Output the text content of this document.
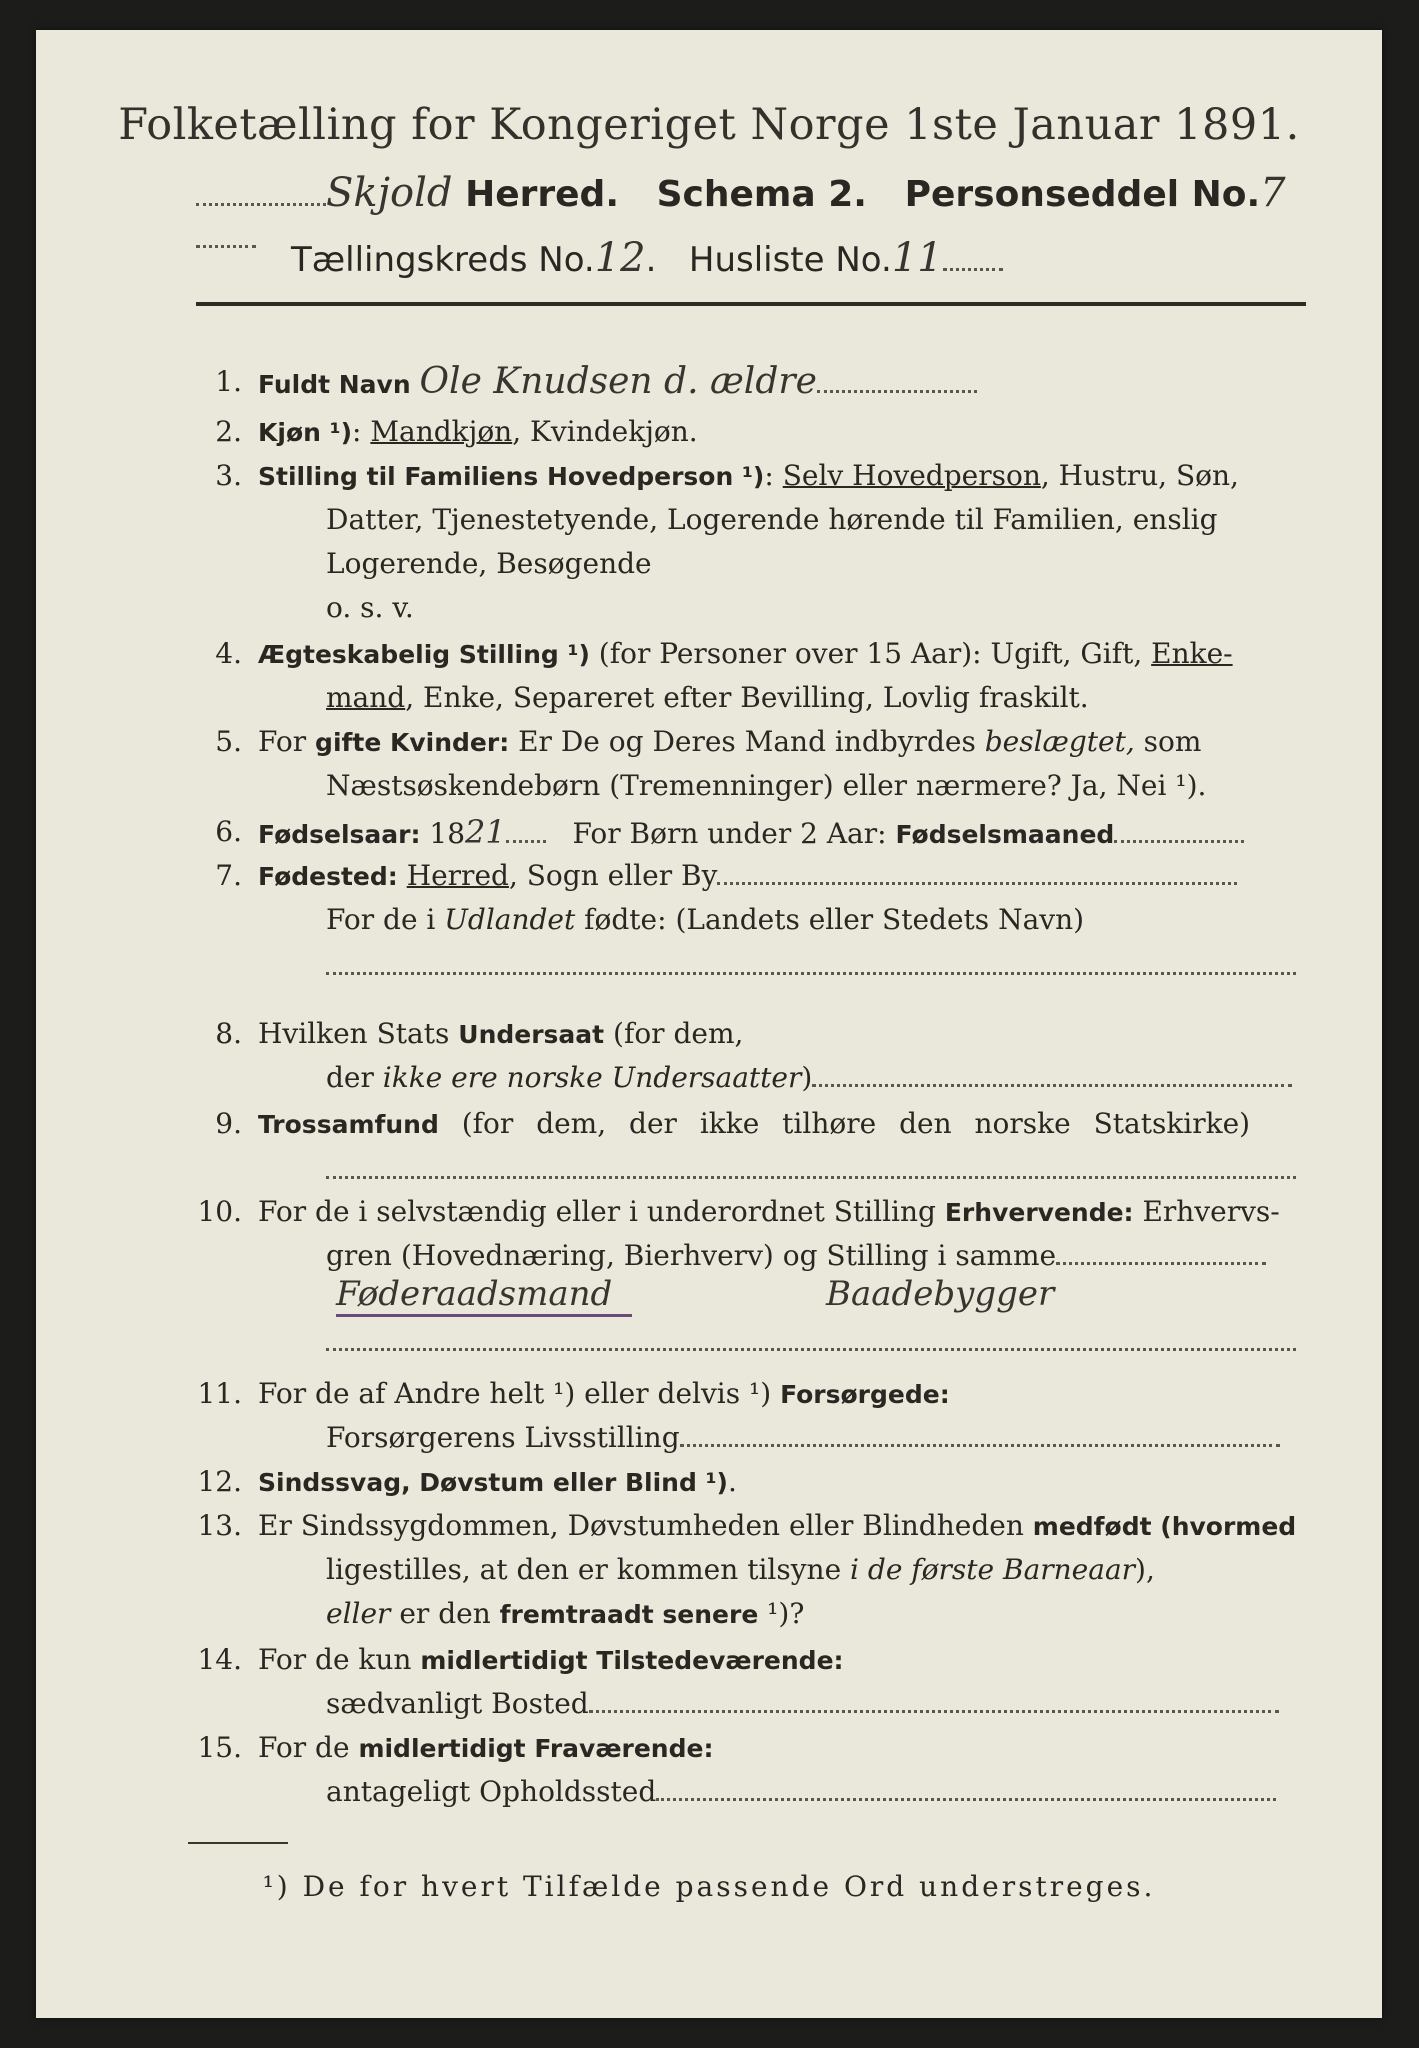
Folketælling for Kongeriget Norge 1ste Januar 1891.
Skjold Herred. Schema 2. Personseddel No.7
Tællingskreds No.12.   Husliste No.11
1. Fuldt Navn Ole Knudsen d. ældre
2. Kjøn ¹): Mandkjøn, Kvindekjøn.
3. Stilling til Familiens Hovedperson ¹): Selv Hovedperson, Hustru, Søn,
Datter, Tjenestetyende, Logerende hørende til Familien, enslig
Logerende, Besøgende
o. s. v.
4. Ægteskabelig Stilling ¹) (for Personer over 15 Aar): Ugift, Gift, Enke-
mand, Enke, Separeret efter Bevilling, Lovlig fraskilt.
5. For gifte Kvinder: Er De og Deres Mand indbyrdes beslægtet, som
Næstsøskendebørn (Tremenninger) eller nærmere? Ja, Nei ¹).
6. Fødselsaar: 1821 For Børn under 2 Aar: Fødselsmaaned
7. Fødested: Herred, Sogn eller By
For de i Udlandet fødte: (Landets eller Stedets Navn)
8. Hvilken Stats Undersaat (for dem,
der ikke ere norske Undersaatter)
9. Trossamfund (for dem, der ikke tilhøre den norske Statskirke)
10. For de i selvstændig eller i underordnet Stilling Erhvervende: Erhvervs-
gren (Hovednæring, Bierhverv) og Stilling i samme
Føderaadsmand	Baadebygger
11. For de af Andre helt ¹) eller delvis ¹) Forsørgede:
Forsørgerens Livsstilling
12. Sindssvag, Døvstum eller Blind ¹).
13. Er Sindssygdommen, Døvstumheden eller Blindheden medfødt (hvormed
ligestilles, at den er kommen tilsyne i de første Barneaar),
eller er den fremtraadt senere ¹)?
14. For de kun midlertidigt Tilstedeværende:
sædvanligt Bosted
15. For de midlertidigt Fraværende:
antageligt Opholdssted
¹) De for hvert Tilfælde passende Ord understreges.
